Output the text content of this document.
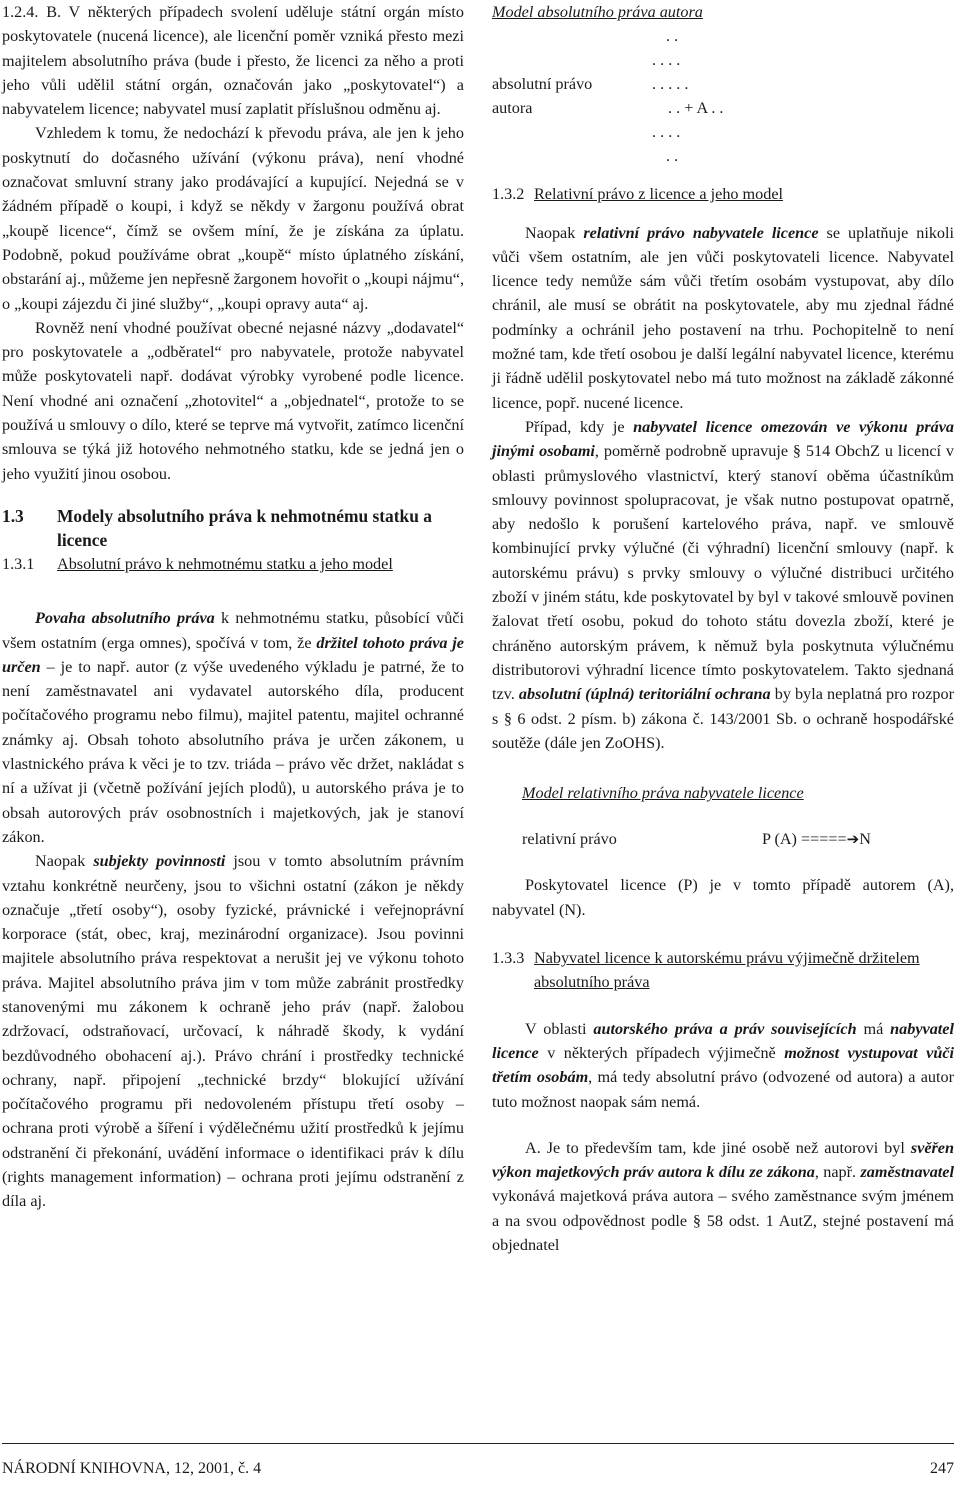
1.2.4. B. V některých případech svolení uděluje státní orgán místo poskytovatele (nucená licence), ale licenční poměr vzniká přesto mezi majitelem absolutního práva (bude i přesto, že licenci za něho a proti jeho vůli udělil státní orgán, označován jako „poskytovatel“) a nabyvatelem licence; nabyvatel musí zaplatit příslušnou odměnu aj.

Vzhledem k tomu, že nedochází k převodu práva, ale jen k jeho poskytnutí do dočasného užívání (výkonu práva), není vhodné označovat smluvní strany jako prodávající a kupující. Nejedná se v žádném případě o koupi, i když se někdy v žargonu používá obrat „koupě licence“, čímž se ovšem míní, že je získána za úplatu. Podobně, pokud používáme obrat „koupě“ místo úplatného získání, obstarání aj., můžeme jen nepřesně žargonem hovořit o „koupi nájmu“, o „koupi zájezdu či jiné služby“, „koupi opravy auta“ aj.

Rovněž není vhodné používat obecné nejasné názvy „dodavatel“ pro poskytovatele a „odběratel“ pro nabyvatele, protože nabyvatel může poskytovateli např. dodávat výrobky vyrobené podle licence. Není vhodné ani označení „zhotovitel“ a „objednatel“, protože to se používá u smlouvy o dílo, které se teprve má vytvořit, zatímco licenční smlouva se týká již hotového nehmotného statku, kde se jedná jen o jeho využití jinou osobou.

1.3	Modely absolutního práva k nehmotnému statku a licence
1.3.1	Absolutní právo k nehmotnému statku a jeho model

Povaha absolutního práva k nehmotnému statku, působící vůči všem ostatním (erga omnes), spočívá v tom, že držitel tohoto práva je určen – je to např. autor (z výše uvedeného výkladu je patrné, že to není zaměstnavatel ani vydavatel autorského díla, producent počítačového programu nebo filmu), majitel patentu, majitel ochranné známky aj. Obsah tohoto absolutního práva je určen zákonem, u vlastnického práva k věci je to tzv. triáda – právo věc držet, nakládat s ní a užívat ji (včetně požívání jejích plodů), u autorského práva je to obsah autorových práv osobnostních i majetkových, jak je stanoví zákon.

Naopak subjekty povinnosti jsou v tomto absolutním právním vztahu konkrétně neurčeny, jsou to všichni ostatní (zákon je někdy označuje „třetí osoby“), osoby fyzické, právnické i veřejnoprávní korporace (stát, obec, kraj, mezinárodní organizace). Jsou povinni majitele absolutního práva respektovat a nerušit jej ve výkonu tohoto práva. Majitel absolutního práva jim v tom může zabránit prostředky stanovenými mu zákonem k ochraně jeho práv (např. žalobou zdržovací, odstraňovací, určovací, k náhradě škody, k vydání bezdůvodného obohacení aj.). Právo chrání i prostředky technické ochrany, např. připojení „technické brzdy“ blokující užívání počítačového programu při nedovoleném přístupu třetí osoby – ochrana proti výrobě a šíření i výdělečnému užití prostředků k jejímu odstranění či překonání, uvádění informace o identifikaci práv k dílu (rights management information) – ochrana proti jejímu odstranění z díla aj.

Model absolutního práva autora
. .
. . . .
absolutní právo	. . . . .
autora	. . + A . .
. . . .
. .
1.3.2 Relativní právo z licence a jeho model

Naopak relativní právo nabyvatele licence se uplatňuje nikoli vůči všem ostatním, ale jen vůči poskytovateli licence. Nabyvatel licence tedy nemůže sám vůči třetím osobám vystupovat, aby dílo chránil, ale musí se obrátit na poskytovatele, aby mu zjednal řádné podmínky a ochránil jeho postavení na trhu. Pochopitelně to není možné tam, kde třetí osobou je další legální nabyvatel licence, kterému ji řádně udělil poskytovatel nebo má tuto možnost na základě zákonné licence, popř. nucené licence.

Případ, kdy je nabyvatel licence omezován ve výkonu práva jinými osobami, poměrně podrobně upravuje § 514 ObchZ u licencí v oblasti průmyslového vlastnictví, který stanoví oběma účastníkům smlouvy povinnost spolupracovat, je však nutno postupovat opatrně, aby nedošlo k porušení kartelového práva, např. ve smlouvě kombinující prvky výlučné (či výhradní) licenční smlouvy (např. k autorskému právu) s prvky smlouvy o výlučné distribuci určitého zboží v jiném státu, kde poskytovatel by byl v takové smlouvě povinen žalovat třetí osobu, pokud do tohoto státu dovezla zboží, které je chráněno autorským právem, k němuž byla poskytnuta výlučnému distributorovi výhradní licence tímto poskytovatelem. Takto sjednaná tzv. absolutní (úplná) teritoriální ochrana by byla neplatná pro rozpor s § 6 odst. 2 písm. b) zákona č. 143/2001 Sb. o ochraně hospodářské soutěže (dále jen ZoOHS).

Model relativního práva nabyvatele licence
relativní právo	P (A) ===== ➔ N

Poskytovatel licence (P) je v tomto případě autorem (A), nabyvatel (N).

1.3.3 Nabyvatel licence k autorskému právu výjimečně držitelem absolutního práva

V oblasti autorského práva a práv souvisejících má nabyvatel licence v některých případech výjimečně možnost vystupovat vůči třetím osobám, má tedy absolutní právo (odvozené od autora) a autor tuto možnost naopak sám nemá.

A. Je to především tam, kde jiné osobě než autorovi byl svěřen výkon majetkových práv autora k dílu ze zákona, např. zaměstnavatel vykonává majetková práva autora – svého zaměstnance svým jménem a na svou odpovědnost podle § 58 odst. 1 AutZ, stejné postavení má objednatel

NÁRODNÍ KNIHOVNA, 12, 2001, č. 4	247
